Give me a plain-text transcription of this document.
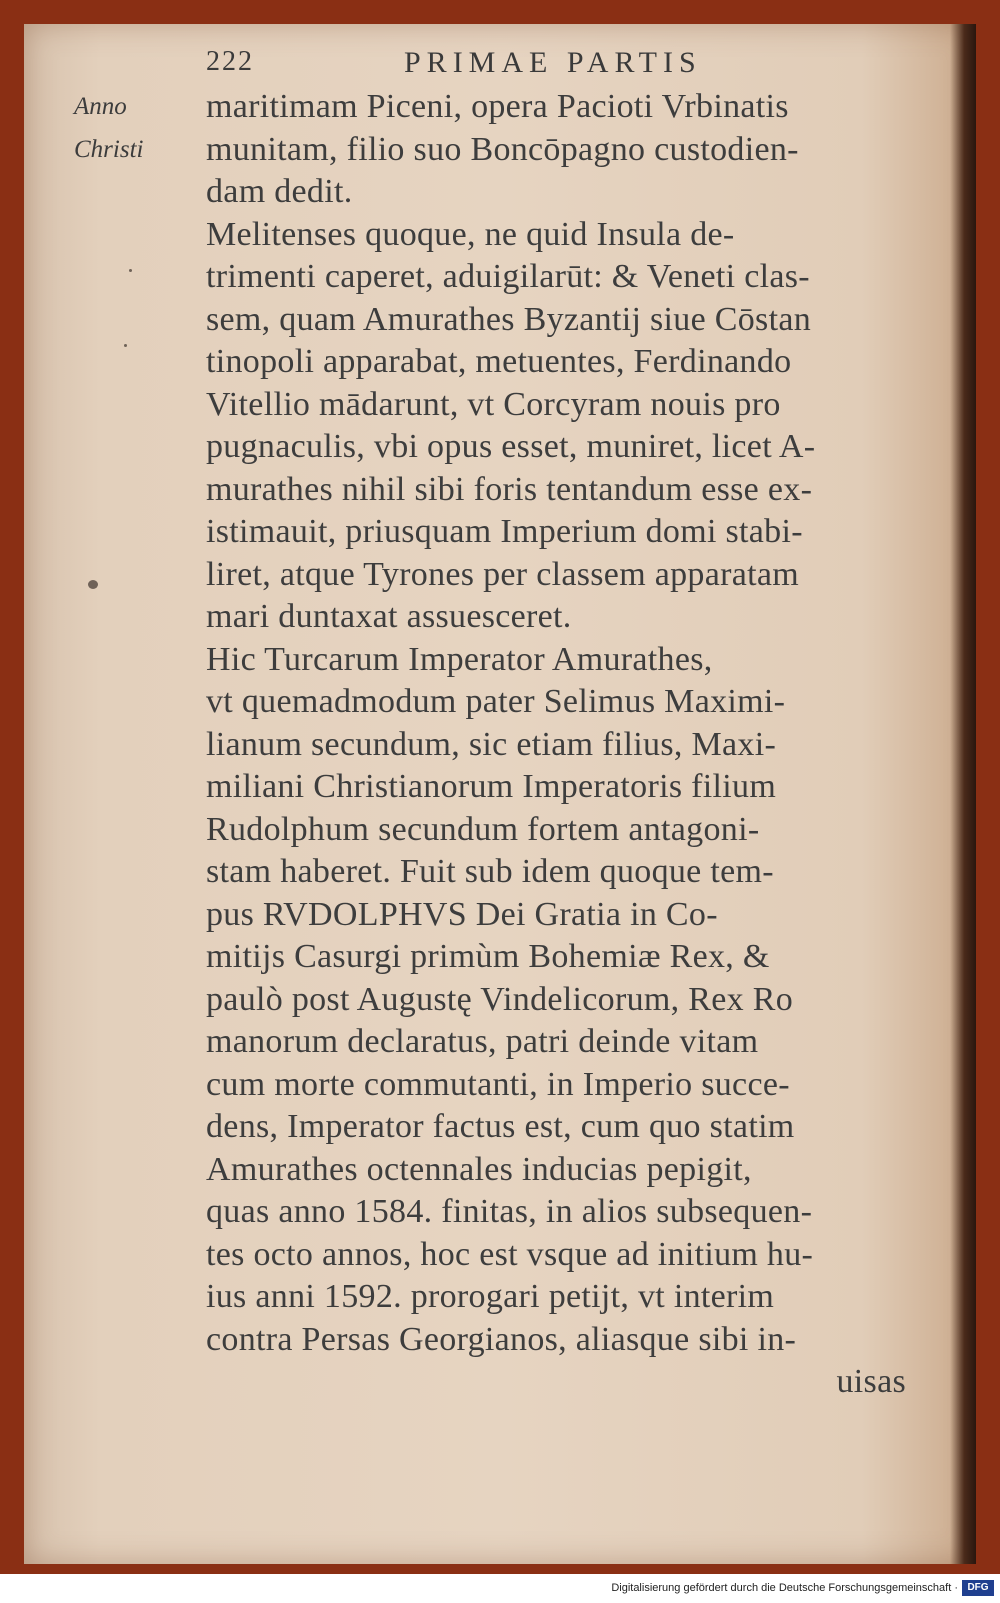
222	PRIMAE PARTIS
Anno
Christi
maritimam Piceni, opera Pacioti Vrbinatis
munitam, filio suo Boncōpagno custodien-
dam dedit.
Melitenses quoque, ne quid Insula de-
trimenti caperet, aduigilarūt: & Veneti clas-
sem, quam Amurathes Byzantij siue Cōstan
tinopoli apparabat, metuentes, Ferdinando
Vitellio mādarunt, vt Corcyram nouis pro
pugnaculis, vbi opus esset, muniret, licet A-
murathes nihil sibi foris tentandum esse ex-
istimauit, priusquam Imperium domi stabi-
liret, atque Tyrones per classem apparatam
mari duntaxat assuesceret.
Hic Turcarum Imperator Amurathes,
vt quemadmodum pater Selimus Maximi-
lianum secundum, sic etiam filius, Maxi-
miliani Christianorum Imperatoris filium
Rudolphum secundum fortem antagoni-
stam haberet. Fuit sub idem quoque tem-
pus RVDOLPHVS Dei Gratia in Co-
mitijs Casurgi primùm Bohemiæ Rex, &
paulò post Augustę Vindelicorum, Rex Ro
manorum declaratus, patri deinde vitam
cum morte commutanti, in Imperio succe-
dens, Imperator factus est, cum quo statim
Amurathes octennales inducias pepigit,
quas anno 1584. finitas, in alios subsequen-
tes octo annos, hoc est vsque ad initium hu-
ius anni 1592. prorogari petijt, vt interim
contra Persas Georgianos, aliasque sibi in-
uisas
Digitalisierung gefördert durch die Deutsche Forschungsgemeinschaft · DFG
